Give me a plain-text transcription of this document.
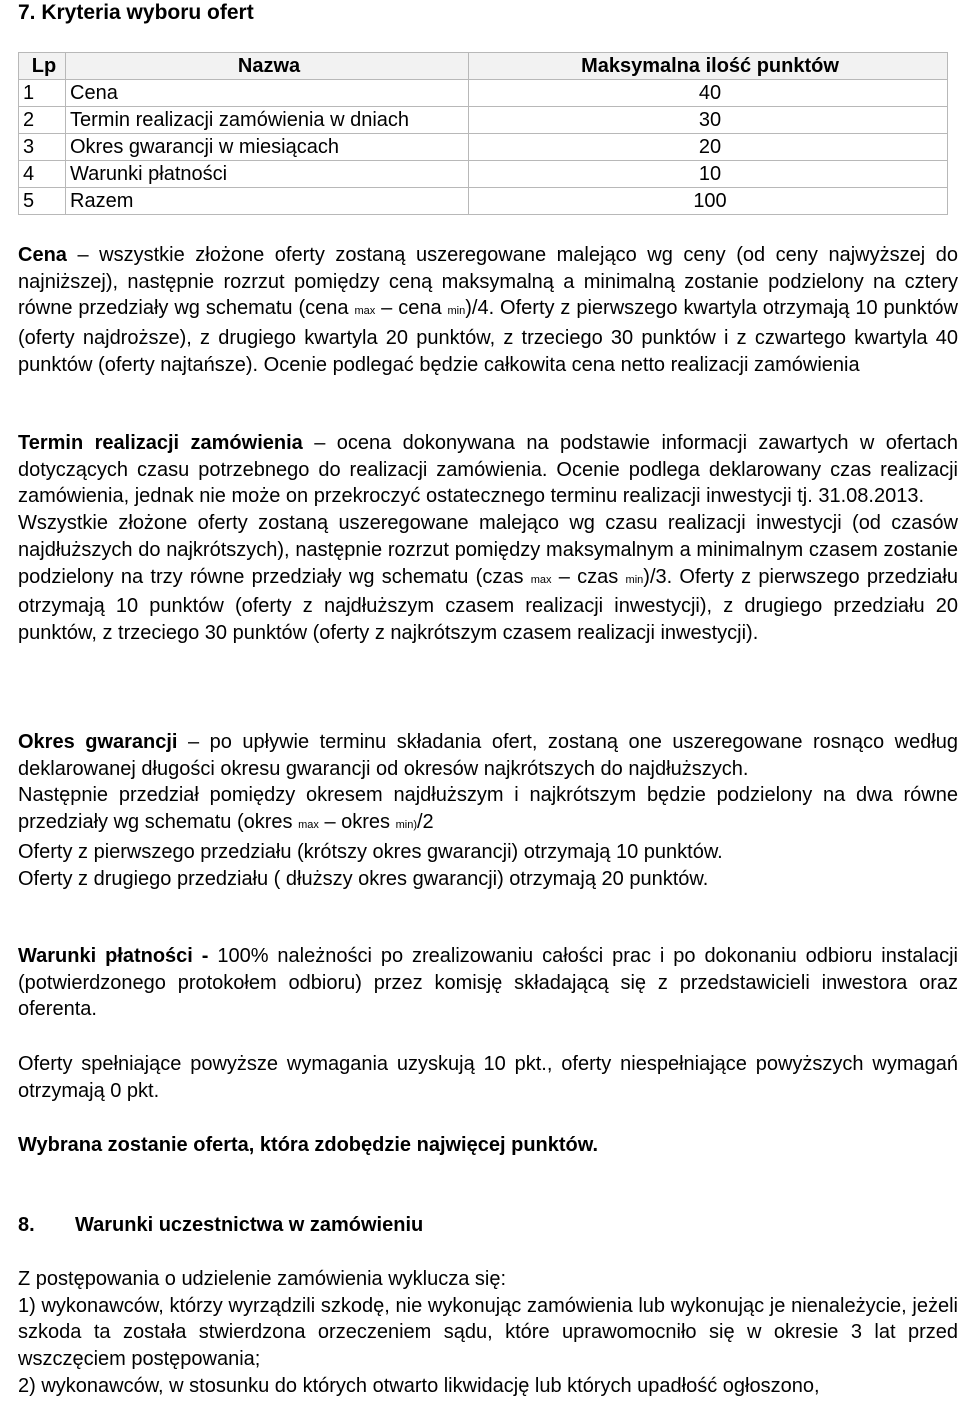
7. Kryteria wyboru ofert
Lp	Nazwa	Maksymalna ilość punktów
1	Cena	40
2	Termin realizacji zamówienia w dniach	30
3	Okres gwarancji w miesiącach	20
4	Warunki płatności	10
5	Razem	100

Cena – wszystkie złożone oferty zostaną uszeregowane malejąco wg ceny (od ceny najwyższej do najniższej), następnie rozrzut pomiędzy ceną maksymalną a minimalną zostanie podzielony na cztery równe przedziały wg schematu (cena max – cena min)/4. Oferty z pierwszego kwartyla otrzymają 10 punktów (oferty najdroższe), z drugiego kwartyla 20 punktów, z trzeciego 30 punktów i z czwartego kwartyla 40 punktów (oferty najtańsze). Ocenie podlegać będzie całkowita cena netto realizacji zamówienia

Termin realizacji zamówienia – ocena dokonywana na podstawie informacji zawartych w ofertach dotyczących czasu potrzebnego do realizacji zamówienia. Ocenie podlega deklarowany czas realizacji zamówienia, jednak nie może on przekroczyć ostatecznego terminu realizacji inwestycji tj. 31.08.2013.

Wszystkie złożone oferty zostaną uszeregowane malejąco wg czasu realizacji inwestycji (od czasów najdłuższych do najkrótszych), następnie rozrzut pomiędzy maksymalnym a minimalnym czasem zostanie podzielony na trzy równe przedziały wg schematu (czas max – czas min)/3. Oferty z pierwszego przedziału otrzymają 10 punktów (oferty z najdłuższym czasem realizacji inwestycji), z drugiego przedziału 20 punktów, z trzeciego 30 punktów (oferty z najkrótszym czasem realizacji inwestycji).

Okres gwarancji – po upływie terminu składania ofert, zostaną one uszeregowane rosnąco według deklarowanej długości okresu gwarancji od okresów najkrótszych do najdłuższych.

Następnie przedział pomiędzy okresem najdłuższym i najkrótszym będzie podzielony na dwa równe przedziały wg schematu (okres max – okres min)/2

Oferty z pierwszego przedziału (krótszy okres gwarancji) otrzymają 10 punktów.

Oferty z drugiego przedziału ( dłuższy okres gwarancji) otrzymają 20 punktów.

Warunki płatności - 100% należności po zrealizowaniu całości prac i po dokonaniu odbioru instalacji (potwierdzonego protokołem odbioru) przez komisję składającą się z przedstawicieli inwestora oraz oferenta.

Oferty spełniające powyższe wymagania uzyskują 10 pkt., oferty niespełniające powyższych wymagań otrzymają 0 pkt.

Wybrana zostanie oferta, która zdobędzie najwięcej punktów.

8. Warunki uczestnictwa w zamówieniu

Z postępowania o udzielenie zamówienia wyklucza się:

1) wykonawców, którzy wyrządzili szkodę, nie wykonując zamówienia lub wykonując je nienależycie, jeżeli szkoda ta została stwierdzona orzeczeniem sądu, które uprawomocniło się w okresie 3 lat przed wszczęciem postępowania;

2) wykonawców, w stosunku do których otwarto likwidację lub których upadłość ogłoszono,
